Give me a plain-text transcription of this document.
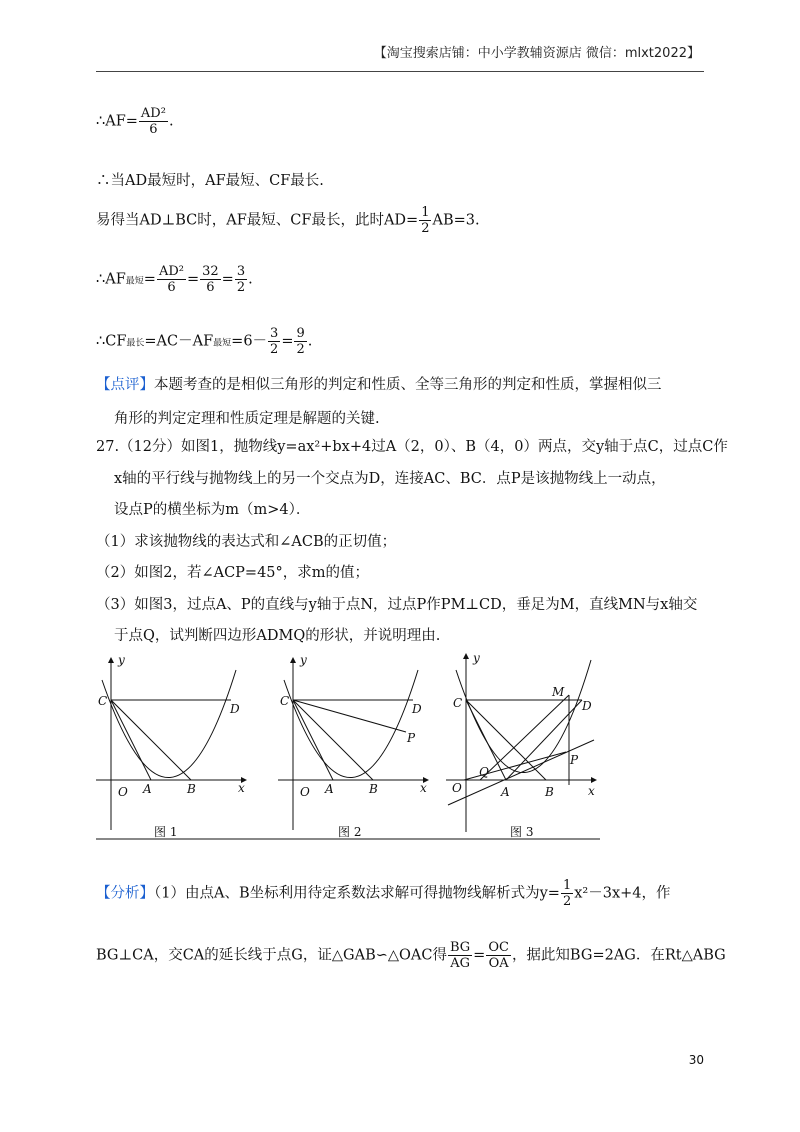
【淘宝搜索店铺：中小学教辅资源店 微信：mlxt2022】
∴AF= $\frac{\text{AD²}}{6}$ .
∴当AD最短时，AF最短、CF最长.
易得当AD⊥BC时，AF最短、CF最长，此时$AD= \frac{1}{2} AB=3$.
∴AF最短= $\frac{\text{AD²}}{6} = \frac{32}{6} = \frac{3}{2}$ .
∴CF最长=AC－AF最短$=6- \frac{3}{2} = \frac{9}{2}$ .
【点评】本题考查的是相似三角形的判定和性质、全等三角形的判定和性质，掌握相似三
角形的判定定理和性质定理是解题的关键.
27.（12分）如图1，抛物线y=ax²+bx+4过A（2，0）、B（4，0）两点，交y轴于点C，过点C作
x轴的平行线与抛物线上的另一个交点为D，连接AC、BC．点P是该抛物线上一动点，
设点P的横坐标为m（m>4）．
（1）求该抛物线的表达式和∠ACB的正切值；
（2）如图2，若∠ACP=45°，求m的值；
（3）如图3，过点A、P的直线与y轴于点N，过点P作PM⊥CD，垂足为M，直线MN与x轴交
于点Q，试判断四边形ADMQ的形状，并说明理由.
y
x
C
D
O A	B
图 1
y
x
C
D
P
O A	B
图 2
y
x
C	D
M
P
Q
O	A	B
图 3
【分析】（1）由点A、B坐标利用待定系数法求解可得抛物线解析式为$y= \frac{1}{2} x^2-3x+4$，作
BG⊥CA，交CA的延长线于点G，证△GAB∽△OAC得 $\frac{BG}{AG} = \frac{OC}{OA}$ ，据此知BG=2AG．在Rt△ABG
30
